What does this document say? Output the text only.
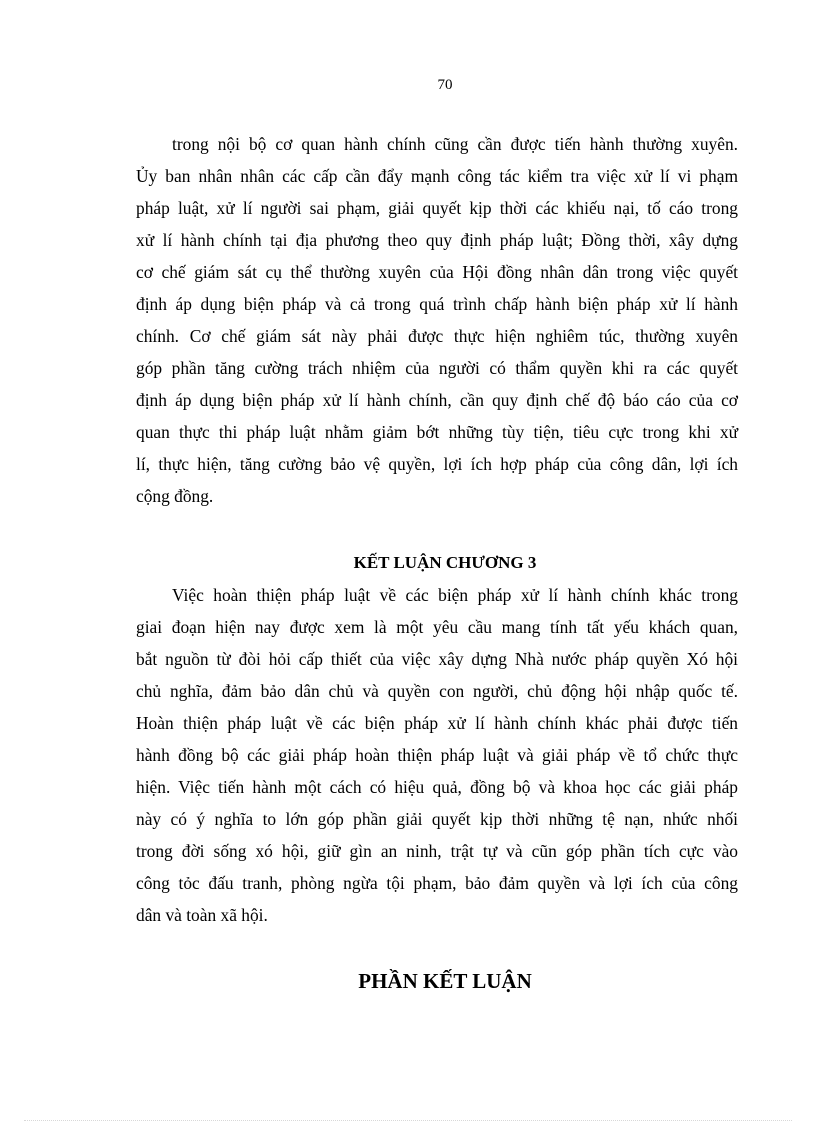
70
trong nội bộ cơ quan hành chính cũng cần được tiến hành thường xuyên.
Ủy ban nhân nhân các cấp cần đẩy mạnh công tác kiểm tra việc xử lí vi phạm
pháp luật, xử lí người sai phạm, giải quyết kịp thời các khiếu nại, tố cáo trong
xử lí hành chính tại địa phương theo quy định pháp luật; Đồng thời, xây dựng
cơ chế giám sát cụ thể thường xuyên của Hội đồng nhân dân trong việc quyết
định áp dụng biện pháp và cả trong quá trình chấp hành biện pháp xử lí hành
chính. Cơ chế giám sát này phải được thực hiện nghiêm túc, thường xuyên
góp phần tăng cường trách nhiệm của người có thẩm quyền khi ra các quyết
định áp dụng biện pháp xử lí hành chính, cần quy định chế độ báo cáo của cơ
quan thực thi pháp luật nhằm giảm bớt những tùy tiện, tiêu cực trong khi xử
lí, thực hiện, tăng cường bảo vệ quyền, lợi ích hợp pháp của công dân, lợi ích
cộng đồng.
KẾT LUẬN CHƯƠNG 3
Việc hoàn thiện pháp luật về các biện pháp xử lí hành chính khác trong
giai đoạn hiện nay được xem là một yêu cầu mang tính tất yếu khách quan,
bắt nguồn từ đòi hỏi cấp thiết của việc xây dựng Nhà nước pháp quyền Xó hội
chủ nghĩa, đảm bảo dân chủ và quyền con người, chủ động hội nhập quốc tế.
Hoàn thiện pháp luật về các biện pháp xử lí hành chính khác phải được tiến
hành đồng bộ các giải pháp hoàn thiện pháp luật và giải pháp về tổ chức thực
hiện. Việc tiến hành một cách có hiệu quả, đồng bộ và khoa học các giải pháp
này có ý nghĩa to lớn góp phần giải quyết kịp thời những tệ nạn, nhức nhối
trong đời sống xó hội, giữ gìn an ninh, trật tự và cũn góp phần tích cực vào
công tỏc đấu tranh, phòng ngừa tội phạm, bảo đảm quyền và lợi ích của công
dân và toàn xã hội.
PHẦN KẾT LUẬN
